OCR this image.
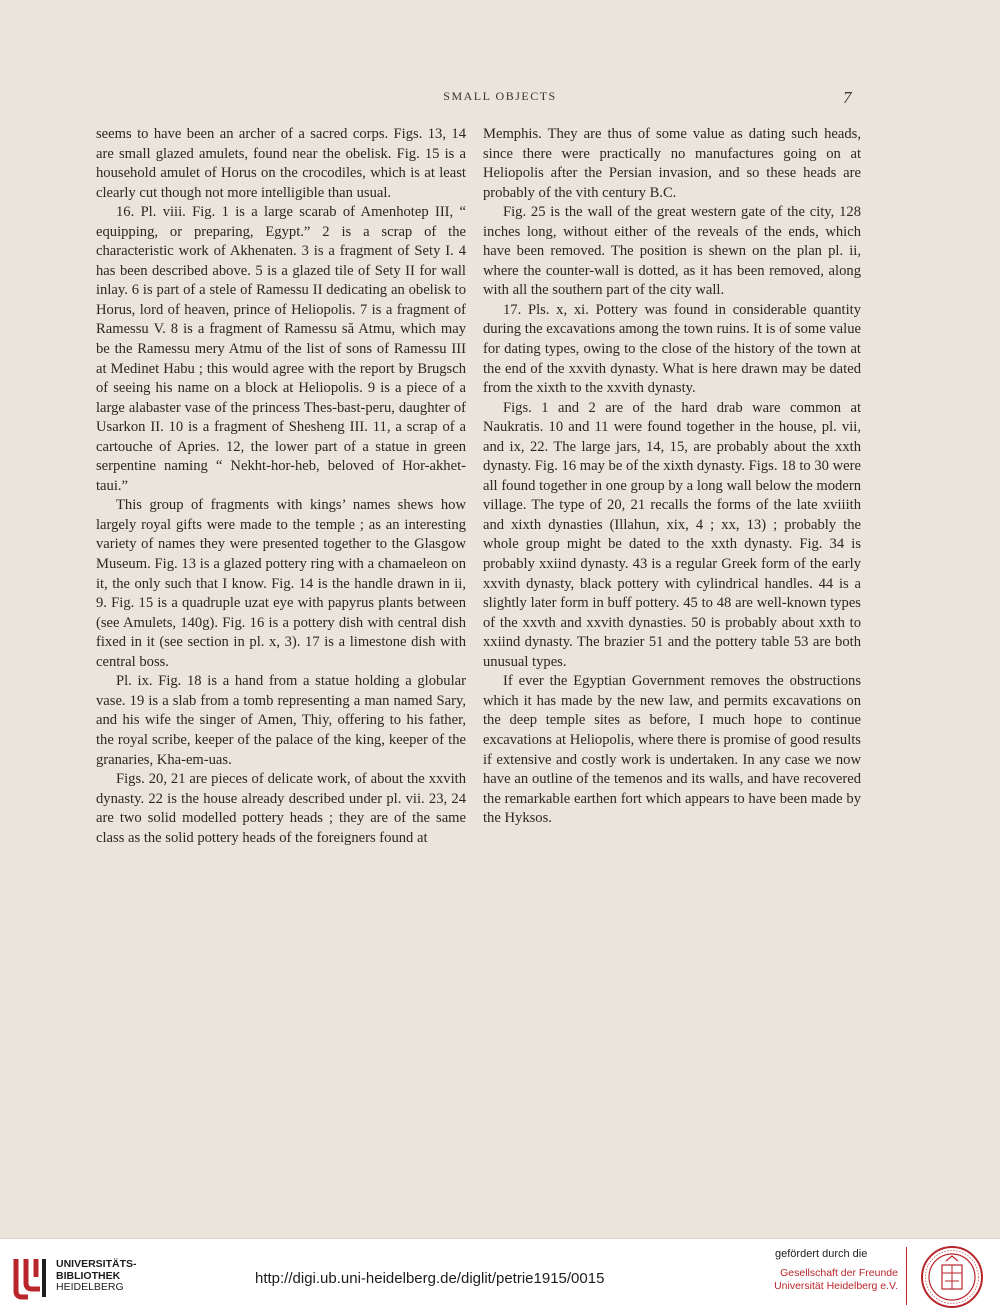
SMALL OBJECTS	7

seems to have been an archer of a sacred corps. Figs. 13, 14 are small glazed amulets, found near the obelisk. Fig. 15 is a household amulet of Horus on the crocodiles, which is at least clearly cut though not more intelligible than usual.

16. Pl. viii. Fig. 1 is a large scarab of Amenhotep III, “ equipping, or preparing, Egypt.” 2 is a scrap of the characteristic work of Akhenaten. 3 is a fragment of Sety I. 4 has been described above. 5 is a glazed tile of Sety II for wall inlay. 6 is part of a stele of Ramessu II dedicating an obelisk to Horus, lord of heaven, prince of Heliopolis. 7 is a fragment of Ramessu V. 8 is a fragment of Ramessu să Atmu, which may be the Ramessu mery Atmu of the list of sons of Ramessu III at Medinet Habu ; this would agree with the report by Brugsch of seeing his name on a block at Heliopolis. 9 is a piece of a large alabaster vase of the princess Thes-bast-peru, daughter of Usarkon II. 10 is a fragment of Shesheng III. 11, a scrap of a cartouche of Apries. 12, the lower part of a statue in green serpentine naming “ Nekht-hor-heb, beloved of Hor-akhet-taui.”

This group of fragments with kings’ names shews how largely royal gifts were made to the temple ; as an interesting variety of names they were presented together to the Glasgow Museum. Fig. 13 is a glazed pottery ring with a chamaeleon on it, the only such that I know. Fig. 14 is the handle drawn in ii, 9. Fig. 15 is a quadruple uzat eye with papyrus plants between (see Amulets, 140g). Fig. 16 is a pottery dish with central dish fixed in it (see section in pl. x, 3). 17 is a limestone dish with central boss.

Pl. ix. Fig. 18 is a hand from a statue holding a globular vase. 19 is a slab from a tomb representing a man named Sary, and his wife the singer of Amen, Thiy, offering to his father, the royal scribe, keeper of the palace of the king, keeper of the granaries, Kha-em-uas.

Figs. 20, 21 are pieces of delicate work, of about the xxvith dynasty. 22 is the house already described under pl. vii. 23, 24 are two solid modelled pottery heads ; they are of the same class as the solid pottery heads of the foreigners found at

Memphis. They are thus of some value as dating such heads, since there were practically no manufactures going on at Heliopolis after the Persian invasion, and so these heads are probably of the vith century B.C.

Fig. 25 is the wall of the great western gate of the city, 128 inches long, without either of the reveals of the ends, which have been removed. The position is shewn on the plan pl. ii, where the counter-wall is dotted, as it has been removed, along with all the southern part of the city wall.

17. Pls. x, xi. Pottery was found in considerable quantity during the excavations among the town ruins. It is of some value for dating types, owing to the close of the history of the town at the end of the xxvith dynasty. What is here drawn may be dated from the xixth to the xxvith dynasty.

Figs. 1 and 2 are of the hard drab ware common at Naukratis. 10 and 11 were found together in the house, pl. vii, and ix, 22. The large jars, 14, 15, are probably about the xxth dynasty. Fig. 16 may be of the xixth dynasty. Figs. 18 to 30 were all found together in one group by a long wall below the modern village. The type of 20, 21 recalls the forms of the late xviiith and xixth dynasties (Illahun, xix, 4 ; xx, 13) ; probably the whole group might be dated to the xxth dynasty. Fig. 34 is probably xxiind dynasty. 43 is a regular Greek form of the early xxvith dynasty, black pottery with cylindrical handles. 44 is a slightly later form in buff pottery. 45 to 48 are well-known types of the xxvth and xxvith dynasties. 50 is probably about xxth to xxiind dynasty. The brazier 51 and the pottery table 53 are both unusual types.

If ever the Egyptian Government removes the obstructions which it has made by the new law, and permits excavations on the deep temple sites as before, I much hope to continue excavations at Heliopolis, where there is promise of good results if extensive and costly work is undertaken. In any case we now have an outline of the temenos and its walls, and have recovered the remarkable earthen fort which appears to have been made by the Hyksos.

UNIVERSITÄTS-
BIBLIOTHEK
HEIDELBERG	http://digi.ub.uni-heidelberg.de/diglit/petrie1915/0015
gefördert durch die
Gesellschaft der Freunde
Universität Heidelberg e.V.
